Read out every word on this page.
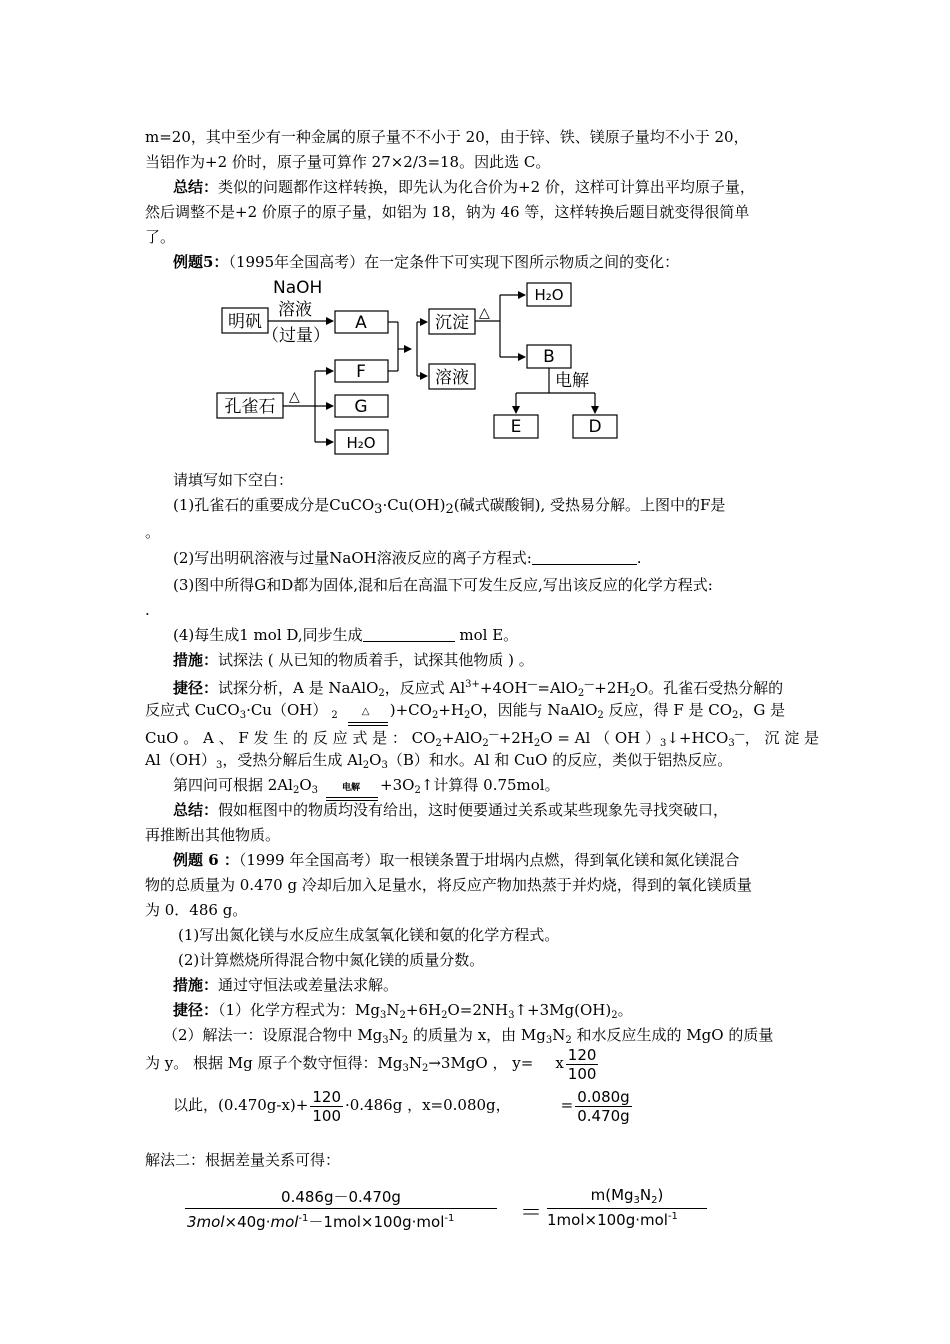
m=20，其中至少有一种金属的原子量不不小于 20，由于锌、铁、镁原子量均不小于 20，
当铝作为+2 价时，原子量可算作 27×2/3=18。因此选 C。
总结：类似的问题都作这样转换，即先认为化合价为+2 价，这样可计算出平均原子量，
然后调整不是+2 价原子的原子量，如铝为 18，钠为 46 等，这样转换后题目就变得很简单
了。
例题5：（1995年全国高考）在一定条件下可实现下图所示物质之间的变化：
NaOH
溶液
（过量）
明矾
孔雀石
A
F
G
H₂O
沉淀
溶液
H₂O
B
E	D
△
△
电解
请填写如下空白：
(1)孔雀石的重要成分是CuCO3·Cu(OH)2(碱式碳酸铜), 受热易分解。上图中的F是
。
(2)写出明矾溶液与过量NaOH溶液反应的离子方程式:	.
(3)图中所得G和D都为固体,混和后在高温下可发生反应,写出该反应的化学方程式:
.
(4)每生成1 mol D,同步生成	mol E。
措施：试探法 ( 从已知的物质着手，试探其他物质 ) 。
捷径：试探分析，A 是 NaAlO$_2$，反应式 $Al^{3+}+4OH^—=AlO_2^—+2H_2O$。孔雀石受热分解的
反应式 CuCO$_3$·Cu（OH） $_2$ △ )$+CO_2+H_2O$，因能与 NaAlO$_2$ 反应，得 F 是 $CO_2$，G 是
CuO 。 A 、 F 发 生 的 反 应 式 是 ： $CO_2+AlO_2^—+2H_2O = Al$ （ OH ）$_3↓+HCO_3^—$， 沉 淀 是
$Al(OH)_3$，受热分解后生成 $Al_2O_3(B)$和水。Al 和 CuO 的反应，类似于铝热反应。
第四问可根据 $2Al_2O_3$	电解 $+3O_2↑$计算得 0.75mol。
总结：假如框图中的物质均没有给出，这时便要通过关系或某些现象先寻找突破口，
再推断出其他物质。
例题 6 ：（1999 年全国高考）取一根镁条置于坩埚内点燃，得到氧化镁和氮化镁混合
物的总质量为 0.470 g 冷却后加入足量水，将反应产物加热蒸于并灼烧，得到的氧化镁质量
为 0．486 g。
(1)写出氮化镁与水反应生成氢氧化镁和氨的化学方程式。
(2)计算燃烧所得混合物中氮化镁的质量分数。
措施：通过守恒法或差量法求解。
捷径：（1）化学方程式为：$Mg_3N_2+6H_2O=2NH_3↑+3Mg(OH)_2$。
（2）解法一：设原混合物中 $Mg_3N_2$ 的质量为 x，由 $Mg_3N_2$ 和水反应生成的 MgO 的质量
为 y。 根据 Mg 原子个数守恒得：$Mg_3N_2\to 3MgO$ ， y= x $\frac{120}{100}$
以此，$(0.470g-x)+ \frac{120}{100} \cdot 0.486g$ ，x=0.080g，	= $\frac{0.080g}{0.470g}$
解法二：根据差量关系可得：
0.486g－0.470g
3mol×40g·mol$^{-1}$－1mol×100g·mol$^{-1}$	＝
$m(Mg_3N_2)$
1mol×100g·mol$^{-1}$
